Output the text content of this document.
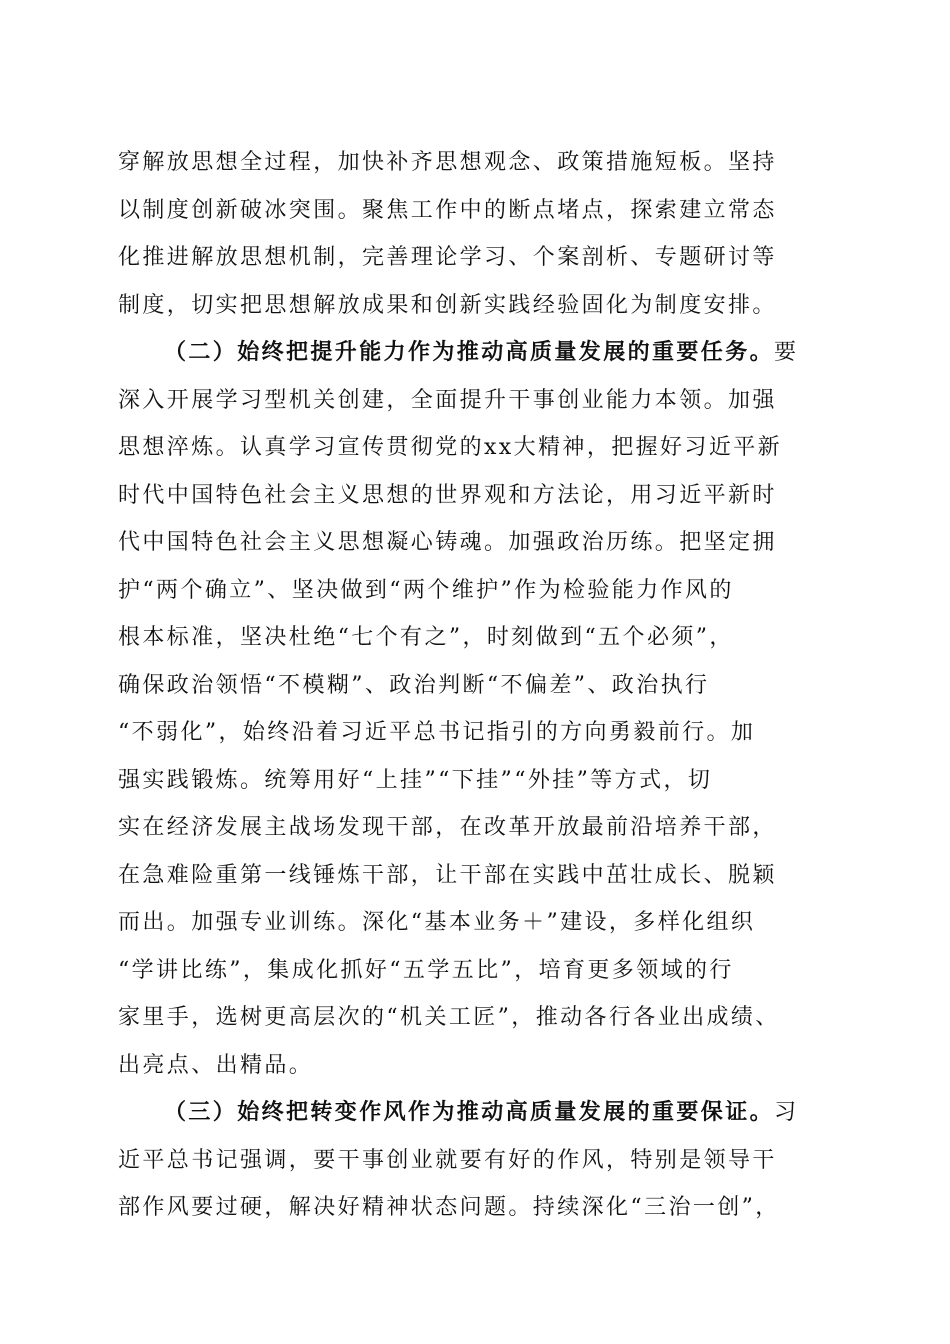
穿解放思想全过程，加快补齐思想观念、政策措施短板。坚持
以制度创新破冰突围。聚焦工作中的断点堵点，探索建立常态
化推进解放思想机制，完善理论学习、个案剖析、专题研讨等
制度，切实把思想解放成果和创新实践经验固化为制度安排。
（二）始终把提升能力作为推动高质量发展的重要任务。要
深入开展学习型机关创建，全面提升干事创业能力本领。加强
思想淬炼。认真学习宣传贯彻党的xx大精神，把握好习近平新
时代中国特色社会主义思想的世界观和方法论，用习近平新时
代中国特色社会主义思想凝心铸魂。加强政治历练。把坚定拥
护“两个确立”、坚决做到“两个维护”作为检验能力作风的
根本标准，坚决杜绝“七个有之”，时刻做到“五个必须”，
确保政治领悟“不模糊”、政治判断“不偏差”、政治执行
“不弱化”，始终沿着习近平总书记指引的方向勇毅前行。加
强实践锻炼。统筹用好“上挂”“下挂”“外挂”等方式，切
实在经济发展主战场发现干部，在改革开放最前沿培养干部，
在急难险重第一线锤炼干部，让干部在实践中茁壮成长、脱颖
而出。加强专业训练。深化“基本业务＋”建设，多样化组织
“学讲比练”，集成化抓好“五学五比”，培育更多领域的行
家里手，选树更高层次的“机关工匠”，推动各行各业出成绩、
出亮点、出精品。
（三）始终把转变作风作为推动高质量发展的重要保证。习
近平总书记强调，要干事创业就要有好的作风，特别是领导干
部作风要过硬，解决好精神状态问题。持续深化“三治一创”，
